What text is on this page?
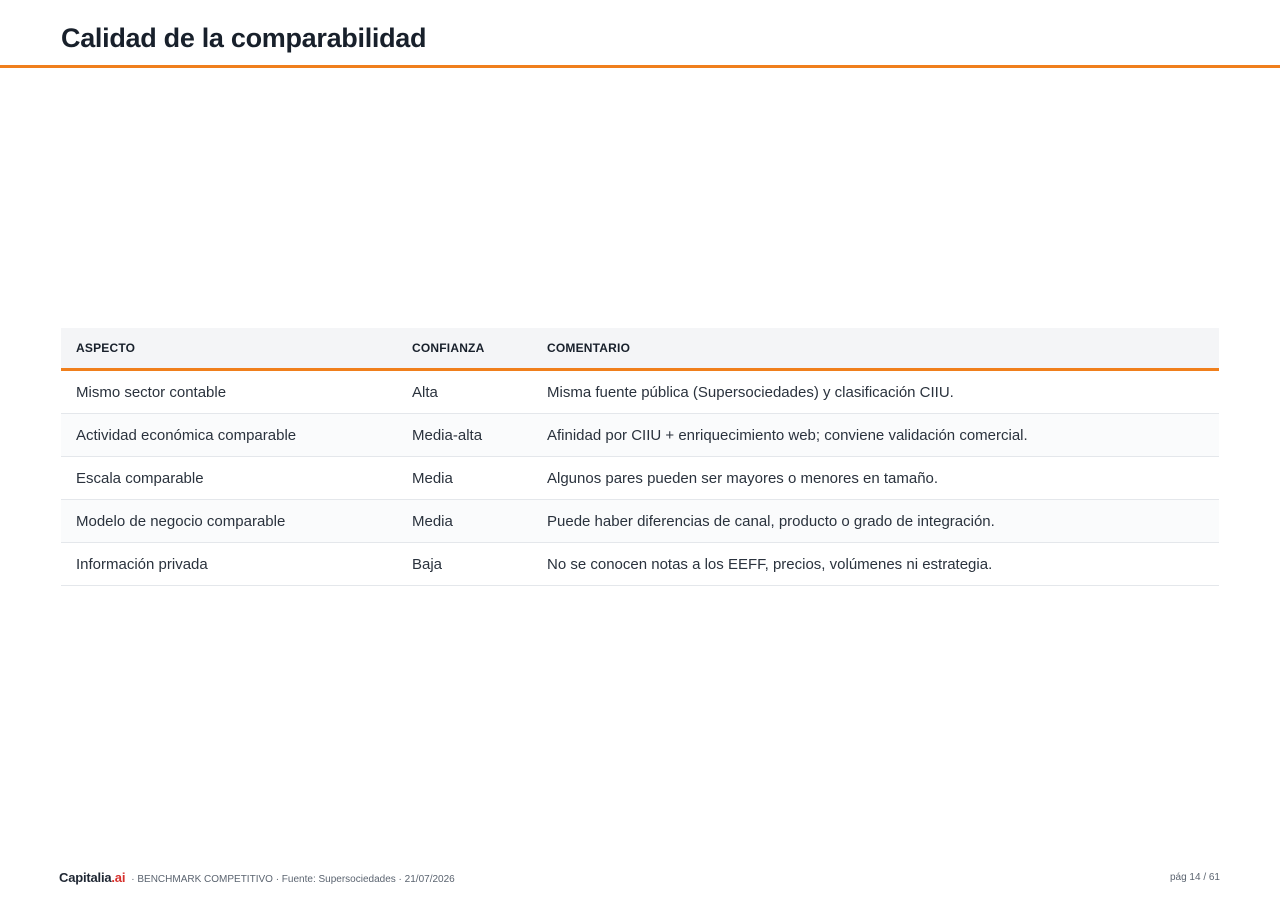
Calidad de la comparabilidad
ASPECTO	CONFIANZA	COMENTARIO
Mismo sector contable	Alta	Misma fuente pública (Supersociedades) y clasificación CIIU.
Actividad económica comparable	Media-alta	Afinidad por CIIU + enriquecimiento web; conviene validación comercial.
Escala comparable	Media	Algunos pares pueden ser mayores o menores en tamaño.
Modelo de negocio comparable	Media	Puede haber diferencias de canal, producto o grado de integración.
Información privada	Baja	No se conocen notas a los EEFF, precios, volúmenes ni estrategia.
Capitalia.ai · BENCHMARK COMPETITIVO · Fuente: Supersociedades · 21/07/2026	pág 14 / 61
